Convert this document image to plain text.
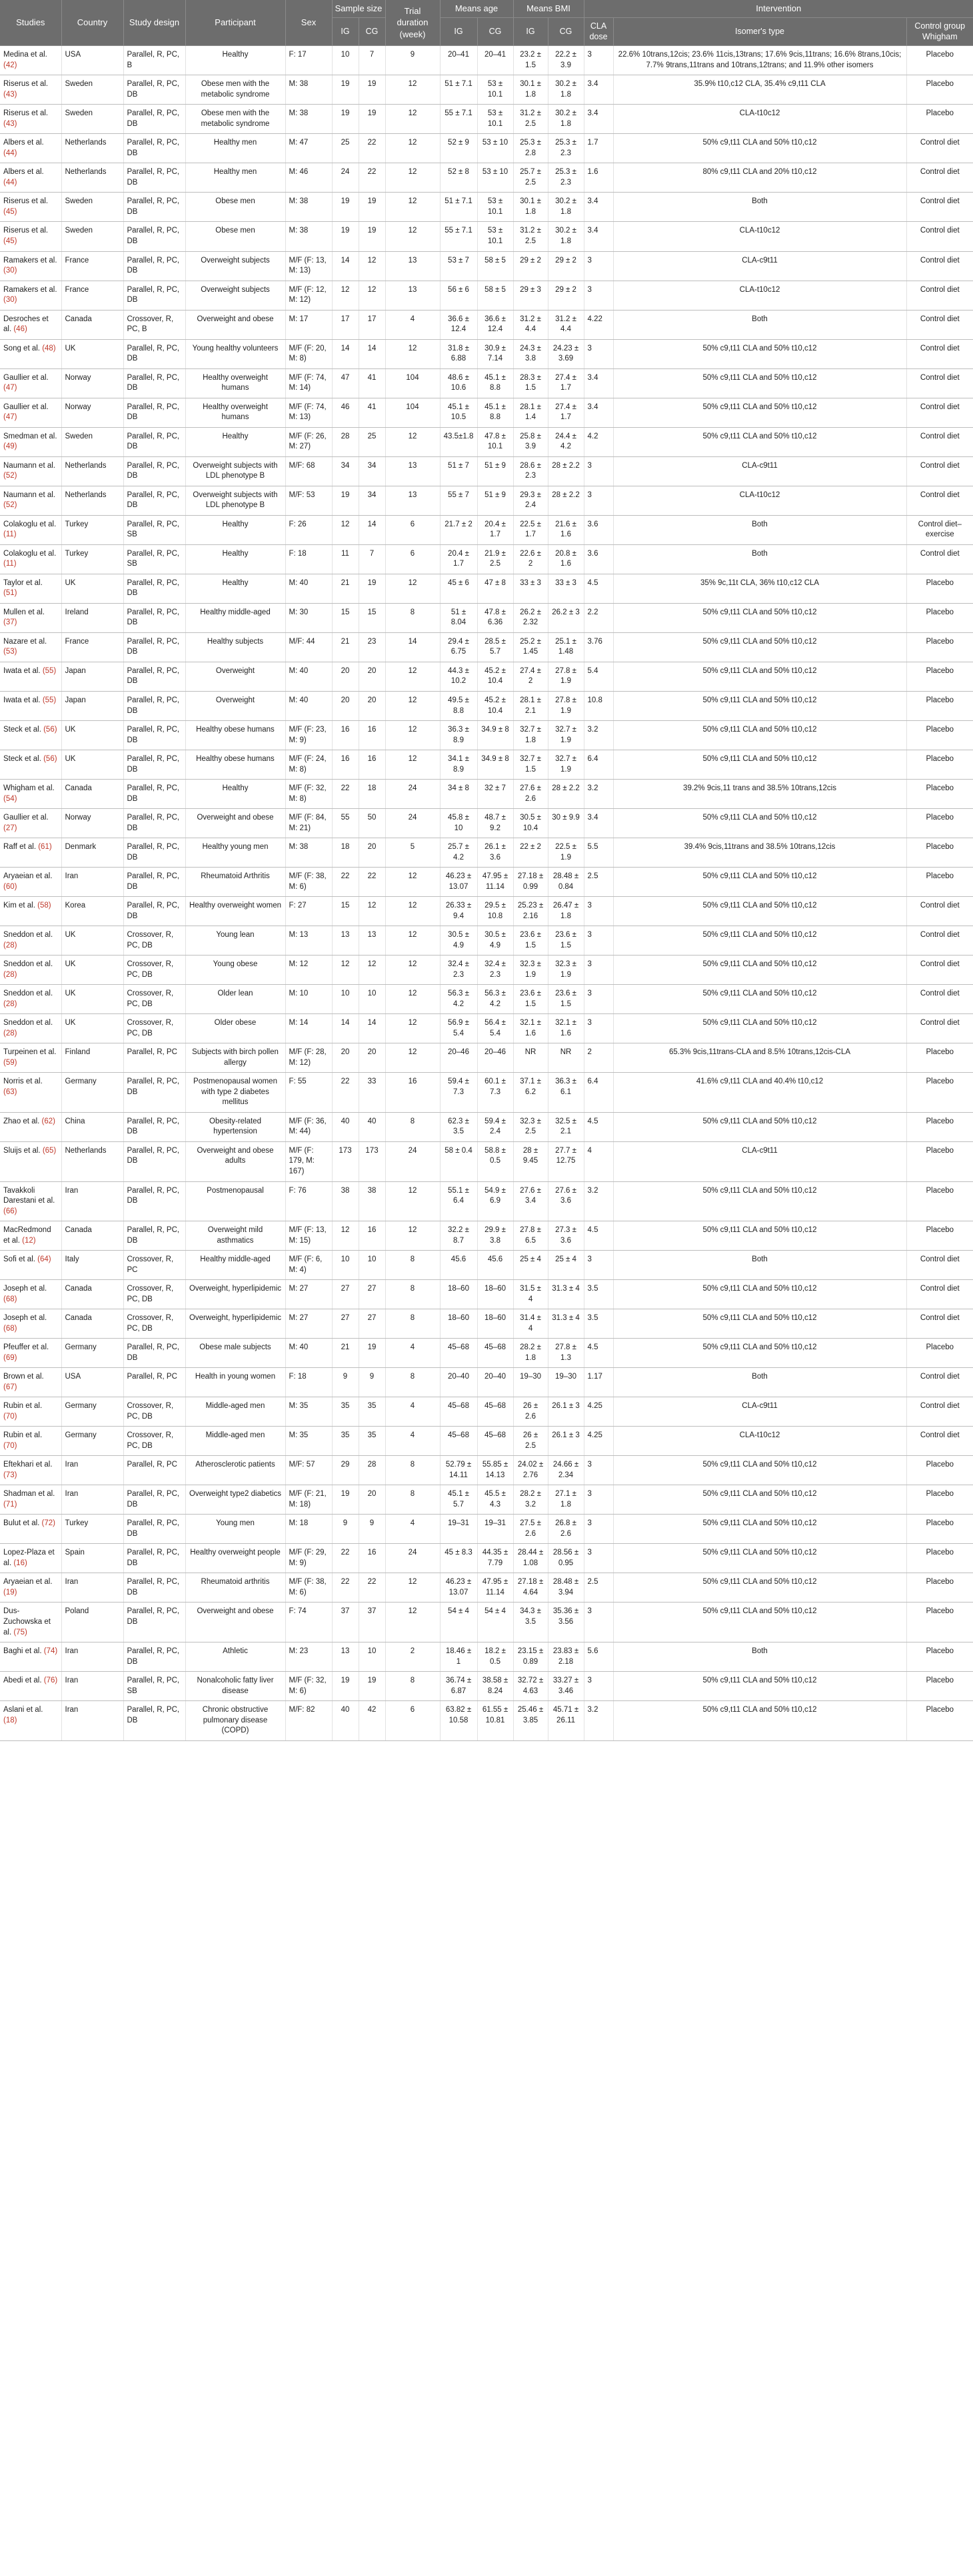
Studies	Country	Study design	Participant	Sex	Sample size		Trial duration (week)	Means age		Means BMI		Intervention		
					IG	CG		IG	CG	IG	CG	CLA dose	Isomer's type	Control group Whigham
Medina et al. (42)	USA	Parallel, R, PC, B	Healthy	F: 17	10	7	9	20–41	20–41	23.2 ± 1.5	22.2 ± 3.9	3	22.6% 10trans,12cis; 23.6% 11cis,13trans; 17.6% 9cis,11trans; 16.6% 8trans,10cis; 7.7% 9trans,11trans and 10trans,12trans; and 11.9% other isomers	Placebo
Riserus et al. (43)	Sweden	Parallel, R, PC, DB	Obese men with the metabolic syndrome	M: 38	19	19	12	51 ± 7.1	53 ± 10.1	30.1 ± 1.8	30.2 ± 1.8	3.4	35.9% t10,c12 CLA, 35.4% c9,t11 CLA	Placebo
Riserus et al. (43)	Sweden	Parallel, R, PC, DB	Obese men with the metabolic syndrome	M: 38	19	19	12	55 ± 7.1	53 ± 10.1	31.2 ± 2.5	30.2 ± 1.8	3.4	CLA-t10c12	Placebo
Albers et al. (44)	Netherlands	Parallel, R, PC, DB	Healthy men	M: 47	25	22	12	52 ± 9	53 ± 10	25.3 ± 2.8	25.3 ± 2.3	1.7	50% c9,t11 CLA and 50% t10,c12	Control diet
Albers et al. (44)	Netherlands	Parallel, R, PC, DB	Healthy men	M: 46	24	22	12	52 ± 8	53 ± 10	25.7 ± 2.5	25.3 ± 2.3	1.6	80% c9,t11 CLA and 20% t10,c12	Control diet
Riserus et al. (45)	Sweden	Parallel, R, PC, DB	Obese men	M: 38	19	19	12	51 ± 7.1	53 ± 10.1	30.1 ± 1.8	30.2 ± 1.8	3.4	Both	Control diet
Riserus et al. (45)	Sweden	Parallel, R, PC, DB	Obese men	M: 38	19	19	12	55 ± 7.1	53 ± 10.1	31.2 ± 2.5	30.2 ± 1.8	3.4	CLA-t10c12	Control diet
Ramakers et al. (30)	France	Parallel, R, PC, DB	Overweight subjects	M/F (F: 13, M: 13)	14	12	13	53 ± 7	58 ± 5	29 ± 2	29 ± 2	3	CLA-c9t11	Control diet
Ramakers et al. (30)	France	Parallel, R, PC, DB	Overweight subjects	M/F (F: 12, M: 12)	12	12	13	56 ± 6	58 ± 5	29 ± 3	29 ± 2	3	CLA-t10c12	Control diet
Desroches et al. (46)	Canada	Crossover, R, PC, B	Overweight and obese	M: 17	17	17	4	36.6 ± 12.4	36.6 ± 12.4	31.2 ± 4.4	31.2 ± 4.4	4.22	Both	Control diet
Song et al. (48)	UK	Parallel, R, PC, DB	Young healthy volunteers	M/F (F: 20, M: 8)	14	14	12	31.8 ± 6.88	30.9 ± 7.14	24.3 ± 3.8	24.23 ± 3.69	3	50% c9,t11 CLA and 50% t10,c12	Control diet
Gaullier et al. (47)	Norway	Parallel, R, PC, DB	Healthy overweight humans	M/F (F: 74, M: 14)	47	41	104	48.6 ± 10.6	45.1 ± 8.8	28.3 ± 1.5	27.4 ± 1.7	3.4	50% c9,t11 CLA and 50% t10,c12	Control diet
Gaullier et al. (47)	Norway	Parallel, R, PC, DB	Healthy overweight humans	M/F (F: 74, M: 13)	46	41	104	45.1 ± 10.5	45.1 ± 8.8	28.1 ± 1.4	27.4 ± 1.7	3.4	50% c9,t11 CLA and 50% t10,c12	Control diet
Smedman et al. (49)	Sweden	Parallel, R, PC, DB	Healthy	M/F (F: 26, M: 27)	28	25	12	43.5±1.8	47.8 ± 10.1	25.8 ± 3.9	24.4 ± 4.2	4.2	50% c9,t11 CLA and 50% t10,c12	Control diet
Naumann et al. (52)	Netherlands	Parallel, R, PC, DB	Overweight subjects with LDL phenotype B	M/F: 68	34	34	13	51 ± 7	51 ± 9	28.6 ± 2.3	28 ± 2.2	3	CLA-c9t11	Control diet
Naumann et al. (52)	Netherlands	Parallel, R, PC, DB	Overweight subjects with LDL phenotype B	M/F: 53	19	34	13	55 ± 7	51 ± 9	29.3 ± 2.4	28 ± 2.2	3	CLA-t10c12	Control diet
Colakoglu et al. (11)	Turkey	Parallel, R, PC, SB	Healthy	F: 26	12	14	6	21.7 ± 2	20.4 ± 1.7	22.5 ± 1.7	21.6 ± 1.6	3.6	Both	Control diet–exercise
Colakoglu et al. (11)	Turkey	Parallel, R, PC, SB	Healthy	F: 18	11	7	6	20.4 ± 1.7	21.9 ± 2.5	22.6 ± 2	20.8 ± 1.6	3.6	Both	Control diet
Taylor et al. (51)	UK	Parallel, R, PC, DB	Healthy	M: 40	21	19	12	45 ± 6	47 ± 8	33 ± 3	33 ± 3	4.5	35% 9c,11t CLA, 36% t10,c12 CLA	Placebo
Mullen et al. (37)	Ireland	Parallel, R, PC, DB	Healthy middle-aged	M: 30	15	15	8	51 ± 8.04	47.8 ± 6.36	26.2 ± 2.32	26.2 ± 3	2.2	50% c9,t11 CLA and 50% t10,c12	Placebo
Nazare et al. (53)	France	Parallel, R, PC, DB	Healthy subjects	M/F: 44	21	23	14	29.4 ± 6.75	28.5 ± 5.7	25.2 ± 1.45	25.1 ± 1.48	3.76	50% c9,t11 CLA and 50% t10,c12	Placebo
Iwata et al. (55)	Japan	Parallel, R, PC, DB	Overweight	M: 40	20	20	12	44.3 ± 10.2	45.2 ± 10.4	27.4 ± 2	27.8 ± 1.9	5.4	50% c9,t11 CLA and 50% t10,c12	Placebo
Iwata et al. (55)	Japan	Parallel, R, PC, DB	Overweight	M: 40	20	20	12	49.5 ± 8.8	45.2 ± 10.4	28.1 ± 2.1	27.8 ± 1.9	10.8	50% c9,t11 CLA and 50% t10,c12	Placebo
Steck et al. (56)	UK	Parallel, R, PC, DB	Healthy obese humans	M/F (F: 23, M: 9)	16	16	12	36.3 ± 8.9	34.9 ± 8	32.7 ± 1.8	32.7 ± 1.9	3.2	50% c9,t11 CLA and 50% t10,c12	Placebo
Steck et al. (56)	UK	Parallel, R, PC, DB	Healthy obese humans	M/F (F: 24, M: 8)	16	16	12	34.1 ± 8.9	34.9 ± 8	32.7 ± 1.5	32.7 ± 1.9	6.4	50% c9,t11 CLA and 50% t10,c12	Placebo
Whigham et al. (54)	Canada	Parallel, R, PC, DB	Healthy	M/F (F: 32, M: 8)	22	18	24	34 ± 8	32 ± 7	27.6 ± 2.6	28 ± 2.2	3.2	39.2% 9cis,11 trans and 38.5% 10trans,12cis	Placebo
Gaullier et al. (27)	Norway	Parallel, R, PC, DB	Overweight and obese	M/F (F: 84, M: 21)	55	50	24	45.8 ± 10	48.7 ± 9.2	30.5 ± 10.4	30 ± 9.9	3.4	50% c9,t11 CLA and 50% t10,c12	Placebo
Raff et al. (61)	Denmark	Parallel, R, PC, DB	Healthy young men	M: 38	18	20	5	25.7 ± 4.2	26.1 ± 3.6	22 ± 2	22.5 ± 1.9	5.5	39.4% 9cis,11trans and 38.5% 10trans,12cis	Placebo
Aryaeian et al. (60)	Iran	Parallel, R, PC, DB	Rheumatoid Arthritis	M/F (F: 38, M: 6)	22	22	12	46.23 ± 13.07	47.95 ± 11.14	27.18 ± 0.99	28.48 ± 0.84	2.5	50% c9,t11 CLA and 50% t10,c12	Placebo
Kim et al. (58)	Korea	Parallel, R, PC, DB	Healthy overweight women	F: 27	15	12	12	26.33 ± 9.4	29.5 ± 10.8	25.23 ± 2.16	26.47 ± 1.8	3	50% c9,t11 CLA and 50% t10,c12	Control diet
Sneddon et al. (28)	UK	Crossover, R, PC, DB	Young lean	M: 13	13	13	12	30.5 ± 4.9	30.5 ± 4.9	23.6 ± 1.5	23.6 ± 1.5	3	50% c9,t11 CLA and 50% t10,c12	Control diet
Sneddon et al. (28)	UK	Crossover, R, PC, DB	Young obese	M: 12	12	12	12	32.4 ± 2.3	32.4 ± 2.3	32.3 ± 1.9	32.3 ± 1.9	3	50% c9,t11 CLA and 50% t10,c12	Control diet
Sneddon et al. (28)	UK	Crossover, R, PC, DB	Older lean	M: 10	10	10	12	56.3 ± 4.2	56.3 ± 4.2	23.6 ± 1.5	23.6 ± 1.5	3	50% c9,t11 CLA and 50% t10,c12	Control diet
Sneddon et al. (28)	UK	Crossover, R, PC, DB	Older obese	M: 14	14	14	12	56.9 ± 5.4	56.4 ± 5.4	32.1 ± 1.6	32.1 ± 1.6	3	50% c9,t11 CLA and 50% t10,c12	Control diet
Turpeinen et al. (59)	Finland	Parallel, R, PC	Subjects with birch pollen allergy	M/F (F: 28, M: 12)	20	20	12	20–46	20–46	NR	NR	2	65.3% 9cis,11trans-CLA and 8.5% 10trans,12cis-CLA	Placebo
Norris et al. (63)	Germany	Parallel, R, PC, DB	Postmenopausal women with type 2 diabetes mellitus	F: 55	22	33	16	59.4 ± 7.3	60.1 ± 7.3	37.1 ± 6.2	36.3 ± 6.1	6.4	41.6% c9,t11 CLA and 40.4% t10,c12	Placebo
Zhao et al. (62)	China	Parallel, R, PC, DB	Obesity-related hypertension	M/F (F: 36, M: 44)	40	40	8	62.3 ± 3.5	59.4 ± 2.4	32.3 ± 2.5	32.5 ± 2.1	4.5	50% c9,t11 CLA and 50% t10,c12	Placebo
Sluijs et al. (65)	Netherlands	Parallel, R, PC, DB	Overweight and obese adults	M/F (F: 179, M: 167)	173	173	24	58 ± 0.4	58.8 ± 0.5	28 ± 9.45	27.7 ± 12.75	4	CLA-c9t11	Placebo
Tavakkoli Darestani et al. (66)	Iran	Parallel, R, PC, DB	Postmenopausal	F: 76	38	38	12	55.1 ± 6.4	54.9 ± 6.9	27.6 ± 3.4	27.6 ± 3.6	3.2	50% c9,t11 CLA and 50% t10,c12	Placebo
MacRedmond et al. (12)	Canada	Parallel, R, PC, DB	Overweight mild asthmatics	M/F (F: 13, M: 15)	12	16	12	32.2 ± 8.7	29.9 ± 3.8	27.8 ± 6.5	27.3 ± 3.6	4.5	50% c9,t11 CLA and 50% t10,c12	Placebo
Sofi et al. (64)	Italy	Crossover, R, PC	Healthy middle-aged	M/F (F: 6, M: 4)	10	10	8	45.6	45.6	25 ± 4	25 ± 4	3	Both	Control diet
Joseph et al. (68)	Canada	Crossover, R, PC, DB	Overweight, hyperlipidemic	M: 27	27	27	8	18–60	18–60	31.5 ± 4	31.3 ± 4	3.5	50% c9,t11 CLA and 50% t10,c12	Control diet
Joseph et al. (68)	Canada	Crossover, R, PC, DB	Overweight, hyperlipidemic	M: 27	27	27	8	18–60	18–60	31.4 ± 4	31.3 ± 4	3.5	50% c9,t11 CLA and 50% t10,c12	Control diet
Pfeuffer et al. (69)	Germany	Parallel, R, PC, DB	Obese male subjects	M: 40	21	19	4	45–68	45–68	28.2 ± 1.8	27.8 ± 1.3	4.5	50% c9,t11 CLA and 50% t10,c12	Placebo
Brown et al. (67)	USA	Parallel, R, PC	Health in young women	F: 18	9	9	8	20–40	20–40	19–30	19–30	1.17	Both	Control diet
Rubin et al. (70)	Germany	Crossover, R, PC, DB	Middle-aged men	M: 35	35	35	4	45–68	45–68	26 ± 2.6	26.1 ± 3	4.25	CLA-c9t11	Control diet
Rubin et al. (70)	Germany	Crossover, R, PC, DB	Middle-aged men	M: 35	35	35	4	45–68	45–68	26 ± 2.5	26.1 ± 3	4.25	CLA-t10c12	Control diet
Eftekhari et al. (73)	Iran	Parallel, R, PC	Atherosclerotic patients	M/F: 57	29	28	8	52.79 ± 14.11	55.85 ± 14.13	24.02 ± 2.76	24.66 ± 2.34	3	50% c9,t11 CLA and 50% t10,c12	Placebo
Shadman et al. (71)	Iran	Parallel, R, PC, DB	Overweight type2 diabetics	M/F (F: 21, M: 18)	19	20	8	45.1 ± 5.7	45.5 ± 4.3	28.2 ± 3.2	27.1 ± 1.8	3	50% c9,t11 CLA and 50% t10,c12	Placebo
Bulut et al. (72)	Turkey	Parallel, R, PC, DB	Young men	M: 18	9	9	4	19–31	19–31	27.5 ± 2.6	26.8 ± 2.6	3	50% c9,t11 CLA and 50% t10,c12	Placebo
Lopez-Plaza et al. (16)	Spain	Parallel, R, PC, DB	Healthy overweight people	M/F (F: 29, M: 9)	22	16	24	45 ± 8.3	44.35 ± 7.79	28.44 ± 1.08	28.56 ± 0.95	3	50% c9,t11 CLA and 50% t10,c12	Placebo
Aryaeian et al. (19)	Iran	Parallel, R, PC, DB	Rheumatoid arthritis	M/F (F: 38, M: 6)	22	22	12	46.23 ± 13.07	47.95 ± 11.14	27.18 ± 4.64	28.48 ± 3.94	2.5	50% c9,t11 CLA and 50% t10,c12	Placebo
Dus-Zuchowska et al. (75)	Poland	Parallel, R, PC, DB	Overweight and obese	F: 74	37	37	12	54 ± 4	54 ± 4	34.3 ± 3.5	35.36 ± 3.56	3	50% c9,t11 CLA and 50% t10,c12	Placebo
Baghi et al. (74)	Iran	Parallel, R, PC, DB	Athletic	M: 23	13	10	2	18.46 ± 1	18.2 ± 0.5	23.15 ± 0.89	23.83 ± 2.18	5.6	Both	Placebo
Abedi et al. (76)	Iran	Parallel, R, PC, SB	Nonalcoholic fatty liver disease	M/F (F: 32, M: 6)	19	19	8	36.74 ± 6.87	38.58 ± 8.24	32.72 ± 4.63	33.27 ± 3.46	3	50% c9,t11 CLA and 50% t10,c12	Placebo
Aslani et al. (18)	Iran	Parallel, R, PC, DB	Chronic obstructive pulmonary disease (COPD)	M/F: 82	40	42	6	63.82 ± 10.58	61.55 ± 10.81	25.46 ± 3.85	45.71 ± 26.11	3.2	50% c9,t11 CLA and 50% t10,c12	Placebo
